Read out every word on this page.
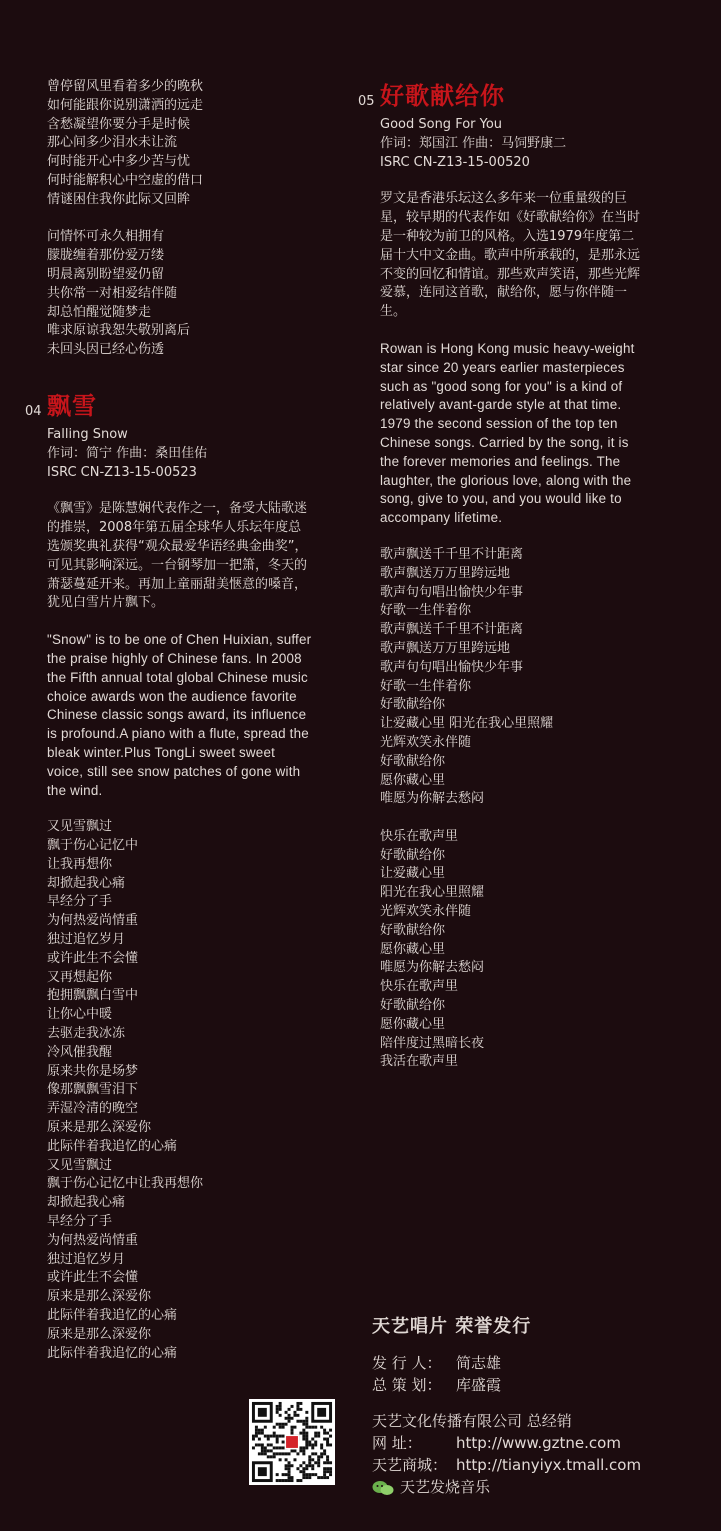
曾停留风里看着多少的晚秋
如何能跟你说别潇洒的远走
含愁凝望你要分手是时候
那心间多少泪水未让流
何时能开心中多少苦与忧
何时能解积心中空虚的借口
情谜困住我你此际又回眸
问情怀可永久相拥有
朦胧缠着那份爱万缕
明晨离别盼望爱仍留
共你常一对相爱结伴随
却总怕醒觉随梦走
唯求原谅我恕失敬别离后
未回头因已经心伤透
04 飘雪
Falling Snow
作词：简宁 作曲：桑田佳佑
ISRC CN-Z13-15-00523
《飘雪》是陈慧娴代表作之一，备受大陆歌迷的推崇，2008年第五届全球华人乐坛年度总选颁奖典礼获得“观众最爱华语经典金曲奖”，可见其影响深远。一台钢琴加一把箫，冬天的萧瑟蔓延开来。再加上童丽甜美惬意的嗓音，犹见白雪片片飘下。
"Snow" is to be one of Chen Huixian, suffer the praise highly of Chinese fans. In 2008 the Fifth annual total global Chinese music choice awards won the audience favorite Chinese classic songs award, its influence is profound.A piano with a flute, spread the bleak winter.Plus TongLi sweet sweet voice, still see snow patches of gone with the wind.
又见雪飘过
飘于伤心记忆中
让我再想你
却掀起我心痛
早经分了手
为何热爱尚情重
独过追忆岁月
或许此生不会懂
又再想起你
抱拥飘飘白雪中
让你心中暖
去驱走我冰冻
冷风催我醒
原来共你是场梦
像那飘飘雪泪下
弄湿冷清的晚空
原来是那么深爱你
此际伴着我追忆的心痛
又见雪飘过
飘于伤心记忆中让我再想你
却掀起我心痛
早经分了手
为何热爱尚情重
独过追忆岁月
或许此生不会懂
原来是那么深爱你
此际伴着我追忆的心痛
原来是那么深爱你
此际伴着我追忆的心痛
05 好歌献给你
Good Song For You
作词：郑国江 作曲：马饲野康二
ISRC CN-Z13-15-00520
罗文是香港乐坛这么多年来一位重量级的巨星，较早期的代表作如《好歌献给你》在当时是一种较为前卫的风格。入选1979年度第二届十大中文金曲。歌声中所承载的，是那永远不变的回忆和情谊。那些欢声笑语，那些光辉爱慕，连同这首歌，献给你，愿与你伴随一生。
Rowan is Hong Kong music heavy-weight star since 20 years earlier masterpieces such as "good song for you" is a kind of relatively avant-garde style at that time. 1979 the second session of the top ten Chinese songs. Carried by the song, it is the forever memories and feelings. The laughter, the glorious love, along with the song, give to you, and you would like to accompany lifetime.
歌声飘送千千里不计距离
歌声飘送万万里跨远地
歌声句句唱出愉快少年事
好歌一生伴着你
歌声飘送千千里不计距离
歌声飘送万万里跨远地
歌声句句唱出愉快少年事
好歌一生伴着你
好歌献给你
让爱藏心里 阳光在我心里照耀
光辉欢笑永伴随
好歌献给你
愿你藏心里
唯愿为你解去愁闷
快乐在歌声里
好歌献给你
让爱藏心里
阳光在我心里照耀
光辉欢笑永伴随
好歌献给你
愿你藏心里
唯愿为你解去愁闷
快乐在歌声里
好歌献给你
愿你藏心里
陪伴度过黑暗长夜
我活在歌声里
天艺唱片 荣誉发行
发 行 人： 简志雄
总 策 划： 库盛霞
天艺文化传播有限公司 总经销
网 址： http://www.gztne.com
天艺商城： http://tianyiyx.tmall.com
天艺发烧音乐
